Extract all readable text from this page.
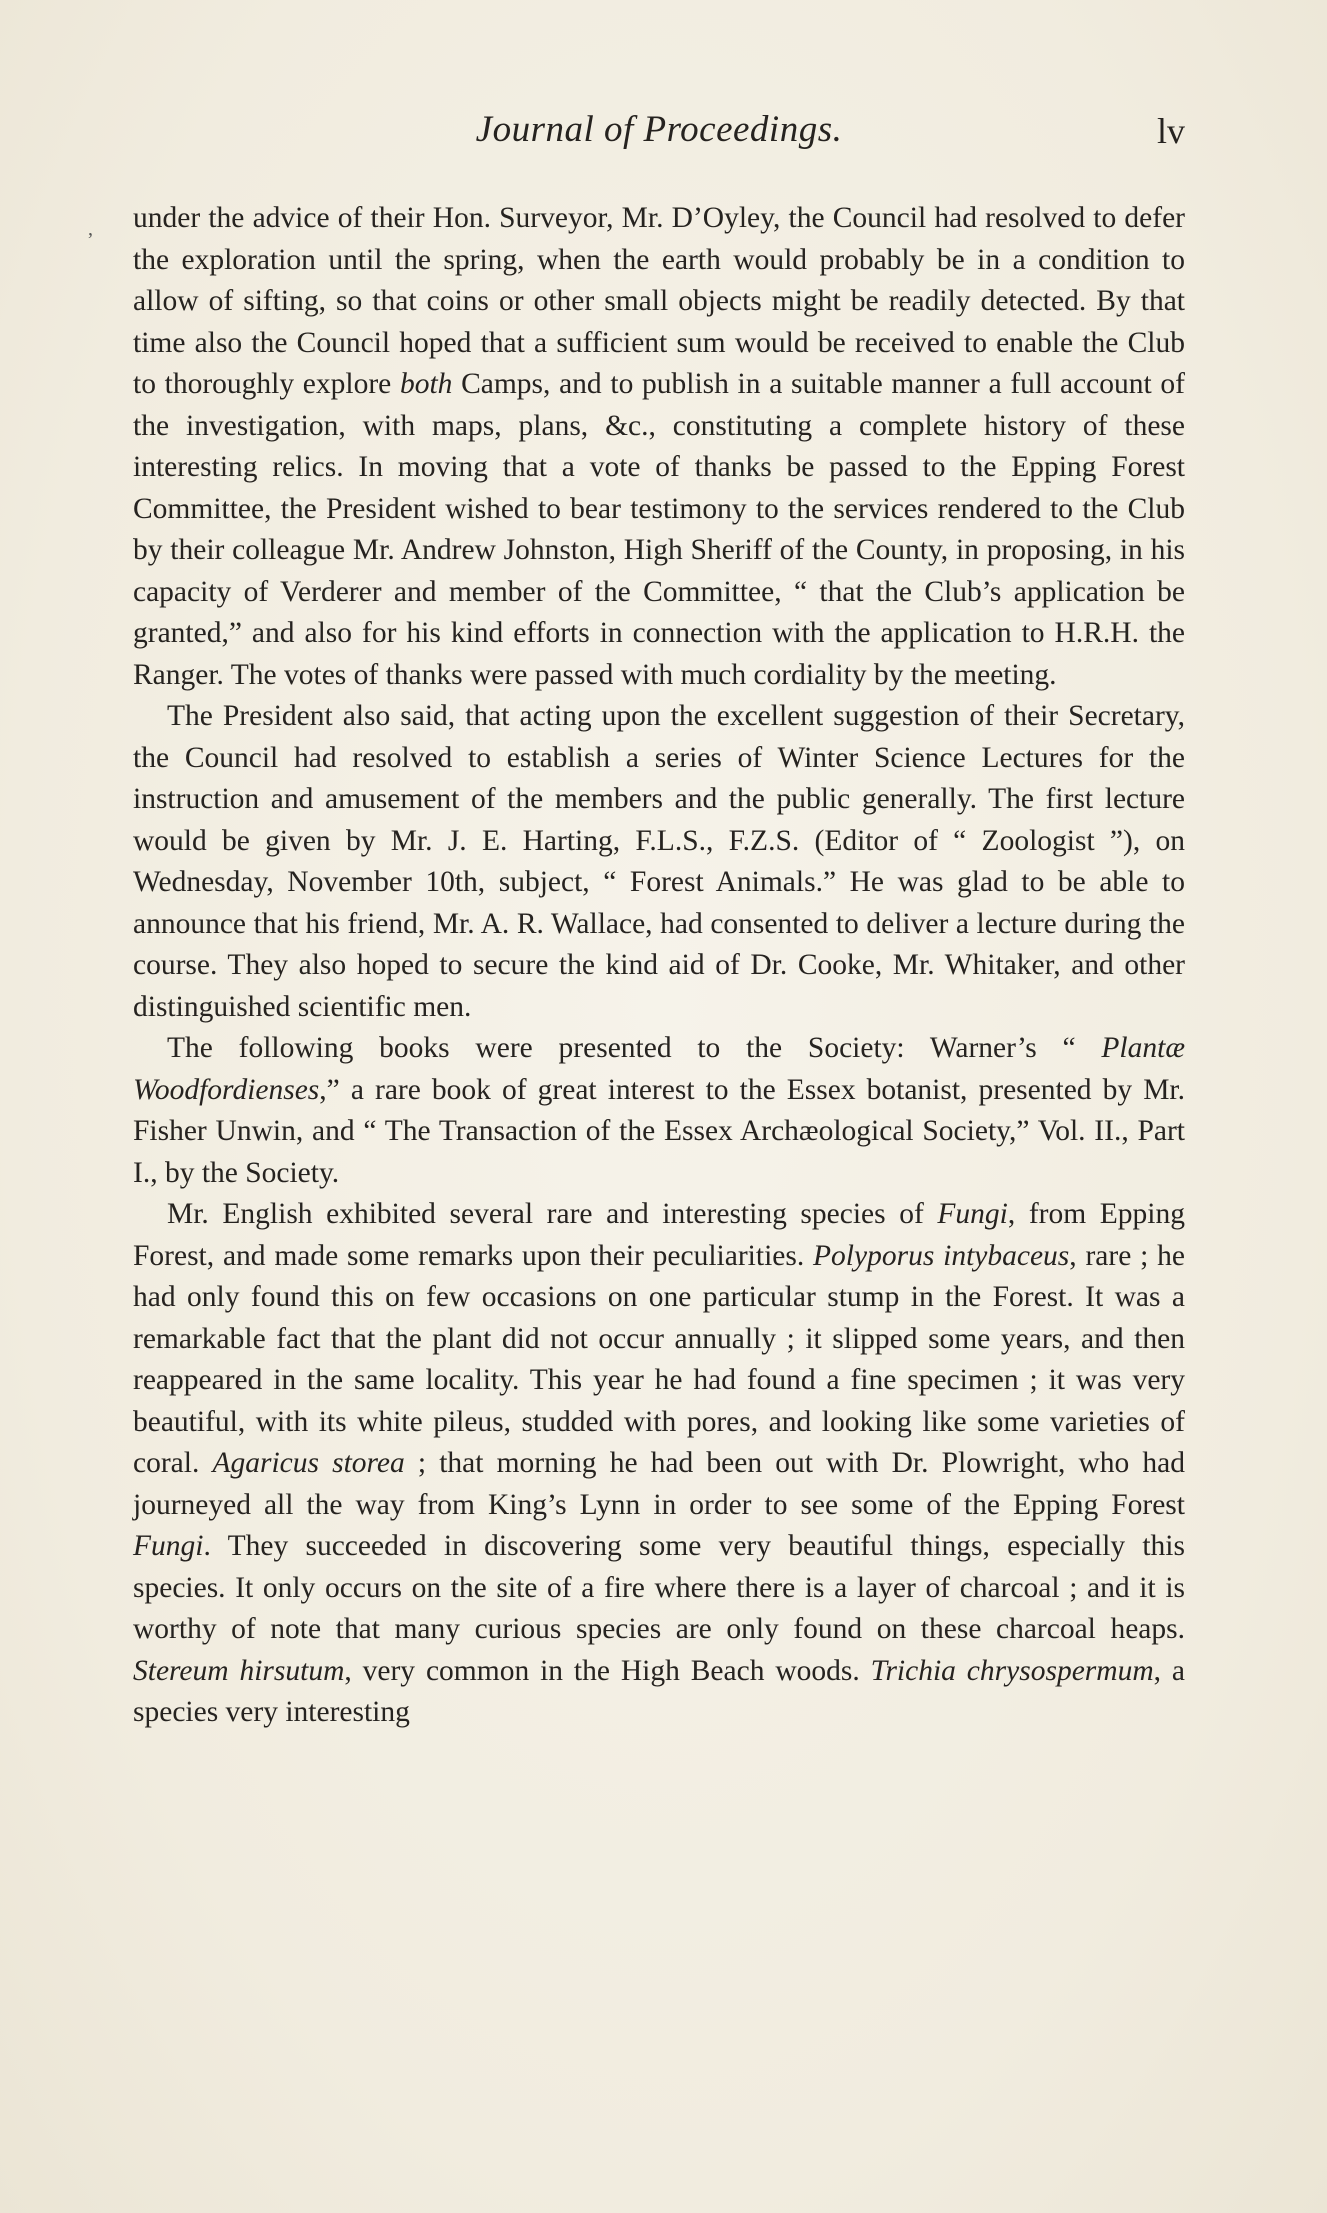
Journal of Proceedings.	lv
, under the advice of their Hon. Surveyor, Mr. D’Oyley, the Council had resolved to defer the exploration until the spring, when the earth would probably be in a condition to allow of sifting, so that coins or other small objects might be readily detected. By that time also the Council hoped that a sufficient sum would be received to enable the Club to thoroughly explore both Camps, and to publish in a suitable manner a full account of the investigation, with maps, plans, &c., constituting a complete history of these interesting relics. In moving that a vote of thanks be passed to the Epping Forest Committee, the President wished to bear testimony to the services rendered to the Club by their colleague Mr. Andrew Johnston, High Sheriff of the County, in proposing, in his capacity of Verderer and member of the Committee, “ that the Club’s application be granted,” and also for his kind efforts in connection with the application to H.R.H. the Ranger. The votes of thanks were passed with much cordiality by the meeting.

The President also said, that acting upon the excellent suggestion of their Secretary, the Council had resolved to establish a series of Winter Science Lectures for the instruction and amusement of the members and the public generally. The first lecture would be given by Mr. J. E. Harting, F.L.S., F.Z.S. (Editor of “ Zoologist ”), on Wednesday, November 10th, subject, “ Forest Animals.” He was glad to be able to announce that his friend, Mr. A. R. Wallace, had consented to deliver a lecture during the course. They also hoped to secure the kind aid of Dr. Cooke, Mr. Whitaker, and other distinguished scientific men.

The following books were presented to the Society: Warner’s “ Plantæ Woodfordienses,” a rare book of great interest to the Essex botanist, presented by Mr. Fisher Unwin, and “ The Transaction of the Essex Archæological Society,” Vol. II., Part I., by the Society.

Mr. English exhibited several rare and interesting species of Fungi, from Epping Forest, and made some remarks upon their peculiarities. Polyporus intybaceus, rare ; he had only found this on few occasions on one particular stump in the Forest. It was a remarkable fact that the plant did not occur annually ; it slipped some years, and then reappeared in the same locality. This year he had found a fine specimen ; it was very beautiful, with its white pileus, studded with pores, and looking like some varieties of coral. Agaricus storea ; that morning he had been out with Dr. Plowright, who had journeyed all the way from King’s Lynn in order to see some of the Epping Forest Fungi. They succeeded in discovering some very beautiful things, especially this species. It only occurs on the site of a fire where there is a layer of charcoal ; and it is worthy of note that many curious species are only found on these charcoal heaps. Stereum hirsutum, very common in the High Beach woods. Trichia chrysospermum, a species very interesting
